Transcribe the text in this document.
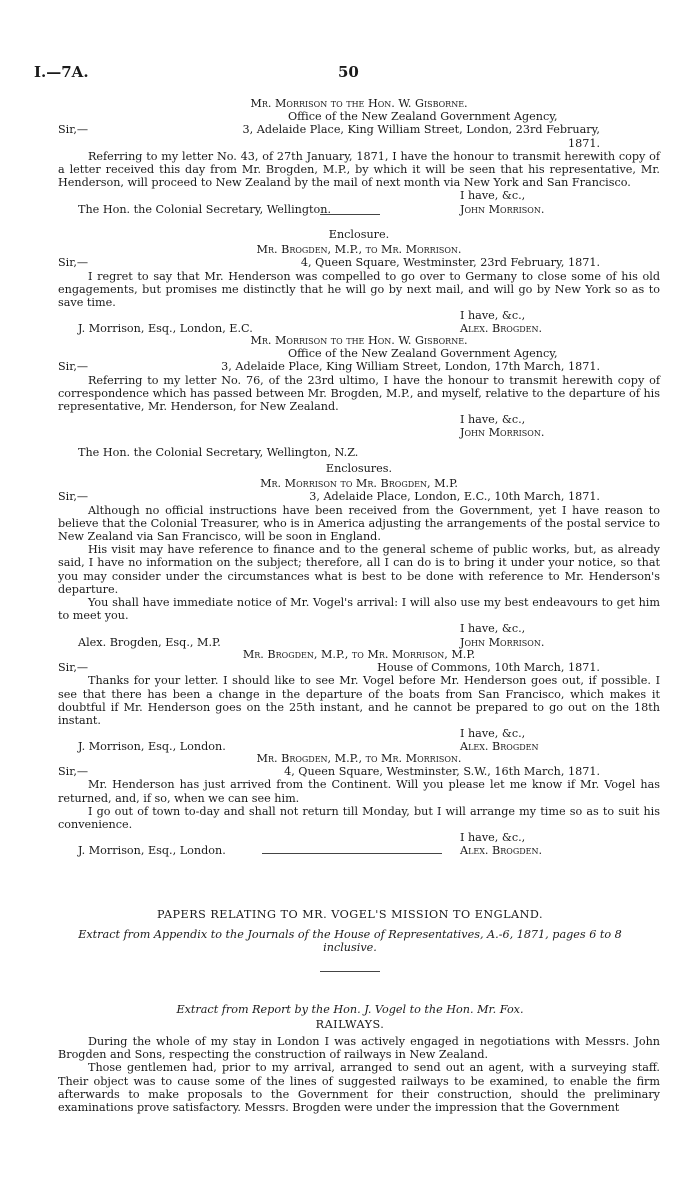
I.—7A.	50
Mr. Morrison to the Hon. W. Gisborne.
Office of the New Zealand Government Agency,
Sir,—	3, Adelaide Place, King William Street, London, 23rd February, 1871.
Referring to my letter No. 43, of 27th January, 1871, I have the honour to transmit herewith copy of a letter received this day from Mr. Brogden, M.P., by which it will be seen that his representative, Mr. Henderson, will proceed to New Zealand by the mail of next month via New York and San Francisco.
I have, &c.,
The Hon. the Colonial Secretary, Wellington.	John Morrison.
Enclosure.
Mr. Brogden, M.P., to Mr. Morrison.
Sir,—	4, Queen Square, Westminster, 23rd February, 1871.
I regret to say that Mr. Henderson was compelled to go over to Germany to close some of his old engagements, but promises me distinctly that he will go by next mail, and will go by New York so as to save time.
I have, &c.,
J. Morrison, Esq., London, E.C.	Alex. Brogden.
Mr. Morrison to the Hon. W. Gisborne.
Office of the New Zealand Government Agency,
Sir,—	3, Adelaide Place, King William Street, London, 17th March, 1871.
Referring to my letter No. 76, of the 23rd ultimo, I have the honour to transmit herewith copy of correspondence which has passed between Mr. Brogden, M.P., and myself, relative to the departure of his representative, Mr. Henderson, for New Zealand.
I have, &c.,
John Morrison.
The Hon. the Colonial Secretary, Wellington, N.Z.
Enclosures.
Mr. Morrison to Mr. Brogden, M.P.
Sir,—	3, Adelaide Place, London, E.C., 10th March, 1871.
Although no official instructions have been received from the Government, yet I have reason to believe that the Colonial Treasurer, who is in America adjusting the arrangements of the postal service to New Zealand via San Francisco, will be soon in England.
His visit may have reference to finance and to the general scheme of public works, but, as already said, I have no information on the subject; therefore, all I can do is to bring it under your notice, so that you may consider under the circumstances what is best to be done with reference to Mr. Henderson's departure.
You shall have immediate notice of Mr. Vogel's arrival: I will also use my best endeavours to get him to meet you.
I have, &c.,
Alex. Brogden, Esq., M.P.	John Morrison.
Mr. Brogden, M.P., to Mr. Morrison, M.P.
Sir,—	House of Commons, 10th March, 1871.
Thanks for your letter. I should like to see Mr. Vogel before Mr. Henderson goes out, if possible. I see that there has been a change in the departure of the boats from San Francisco, which makes it doubtful if Mr. Henderson goes on the 25th instant, and he cannot be prepared to go out on the 18th instant.
I have, &c.,
J. Morrison, Esq., London.	Alex. Brogden
Mr. Brogden, M.P., to Mr. Morrison.
Sir,—	4, Queen Square, Westminster, S.W., 16th March, 1871.
Mr. Henderson has just arrived from the Continent. Will you please let me know if Mr. Vogel has returned, and, if so, when we can see him.
I go out of town to-day and shall not return till Monday, but I will arrange my time so as to suit his convenience.
I have, &c.,
J. Morrison, Esq., London.	Alex. Brogden.
PAPERS RELATING TO MR. VOGEL'S MISSION TO ENGLAND.
Extract from Appendix to the Journals of the House of Representatives, A.-6, 1871, pages 6 to 8 inclusive.
Extract from Report by the Hon. J. Vogel to the Hon. Mr. Fox.
RAILWAYS.
During the whole of my stay in London I was actively engaged in negotiations with Messrs. John Brogden and Sons, respecting the construction of railways in New Zealand.
Those gentlemen had, prior to my arrival, arranged to send out an agent, with a surveying staff. Their object was to cause some of the lines of suggested railways to be examined, to enable the firm afterwards to make proposals to the Government for their construction, should the preliminary examinations prove satisfactory. Messrs. Brogden were under the impression that the Government
